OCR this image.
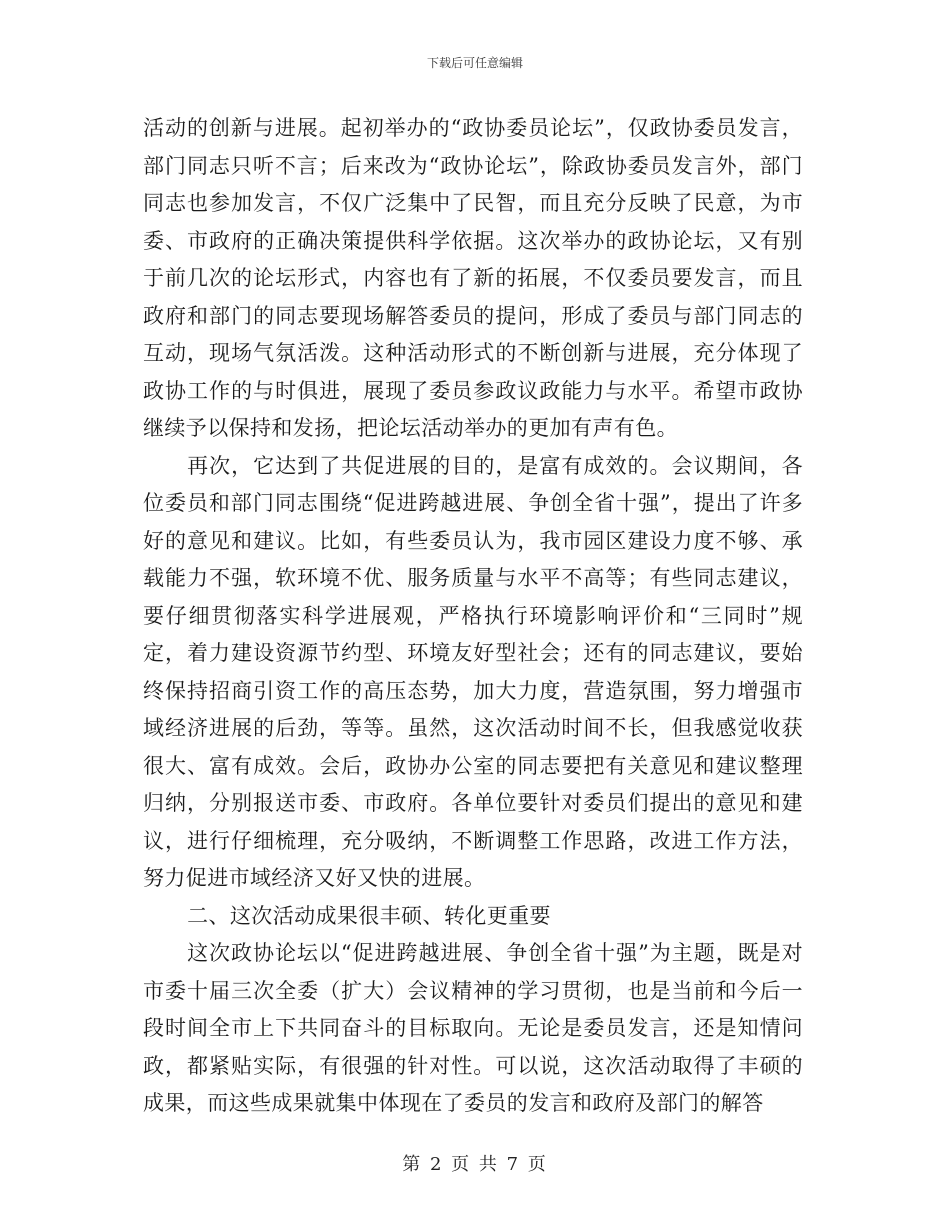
下载后可任意编辑

活动的创新与进展。起初举办的“政协委员论坛”，仅政协委员发言，部门同志只听不言；后来改为“政协论坛”，除政协委员发言外，部门同志也参加发言，不仅广泛集中了民智，而且充分反映了民意，为市委、市政府的正确决策提供科学依据。这次举办的政协论坛，又有别于前几次的论坛形式，内容也有了新的拓展，不仅委员要发言，而且政府和部门的同志要现场解答委员的提问，形成了委员与部门同志的互动，现场气氛活泼。这种活动形式的不断创新与进展，充分体现了政协工作的与时俱进，展现了委员参政议政能力与水平。希望市政协继续予以保持和发扬，把论坛活动举办的更加有声有色。

再次，它达到了共促进展的目的，是富有成效的。会议期间，各位委员和部门同志围绕“促进跨越进展、争创全省十强”，提出了许多好的意见和建议。比如，有些委员认为，我市园区建设力度不够、承载能力不强，软环境不优、服务质量与水平不高等；有些同志建议，要仔细贯彻落实科学进展观，严格执行环境影响评价和“三同时”规定，着力建设资源节约型、环境友好型社会；还有的同志建议，要始终保持招商引资工作的高压态势，加大力度，营造氛围，努力增强市域经济进展的后劲，等等。虽然，这次活动时间不长，但我感觉收获很大、富有成效。会后，政协办公室的同志要把有关意见和建议整理归纳，分别报送市委、市政府。各单位要针对委员们提出的意见和建议，进行仔细梳理，充分吸纳，不断调整工作思路，改进工作方法，努力促进市域经济又好又快的进展。

二、这次活动成果很丰硕、转化更重要

这次政协论坛以“促进跨越进展、争创全省十强”为主题，既是对市委十届三次全委（扩大）会议精神的学习贯彻，也是当前和今后一段时间全市上下共同奋斗的目标取向。无论是委员发言，还是知情问政，都紧贴实际，有很强的针对性。可以说，这次活动取得了丰硕的成果，而这些成果就集中体现在了委员的发言和政府及部门的解答

第 2 页 共 7 页
